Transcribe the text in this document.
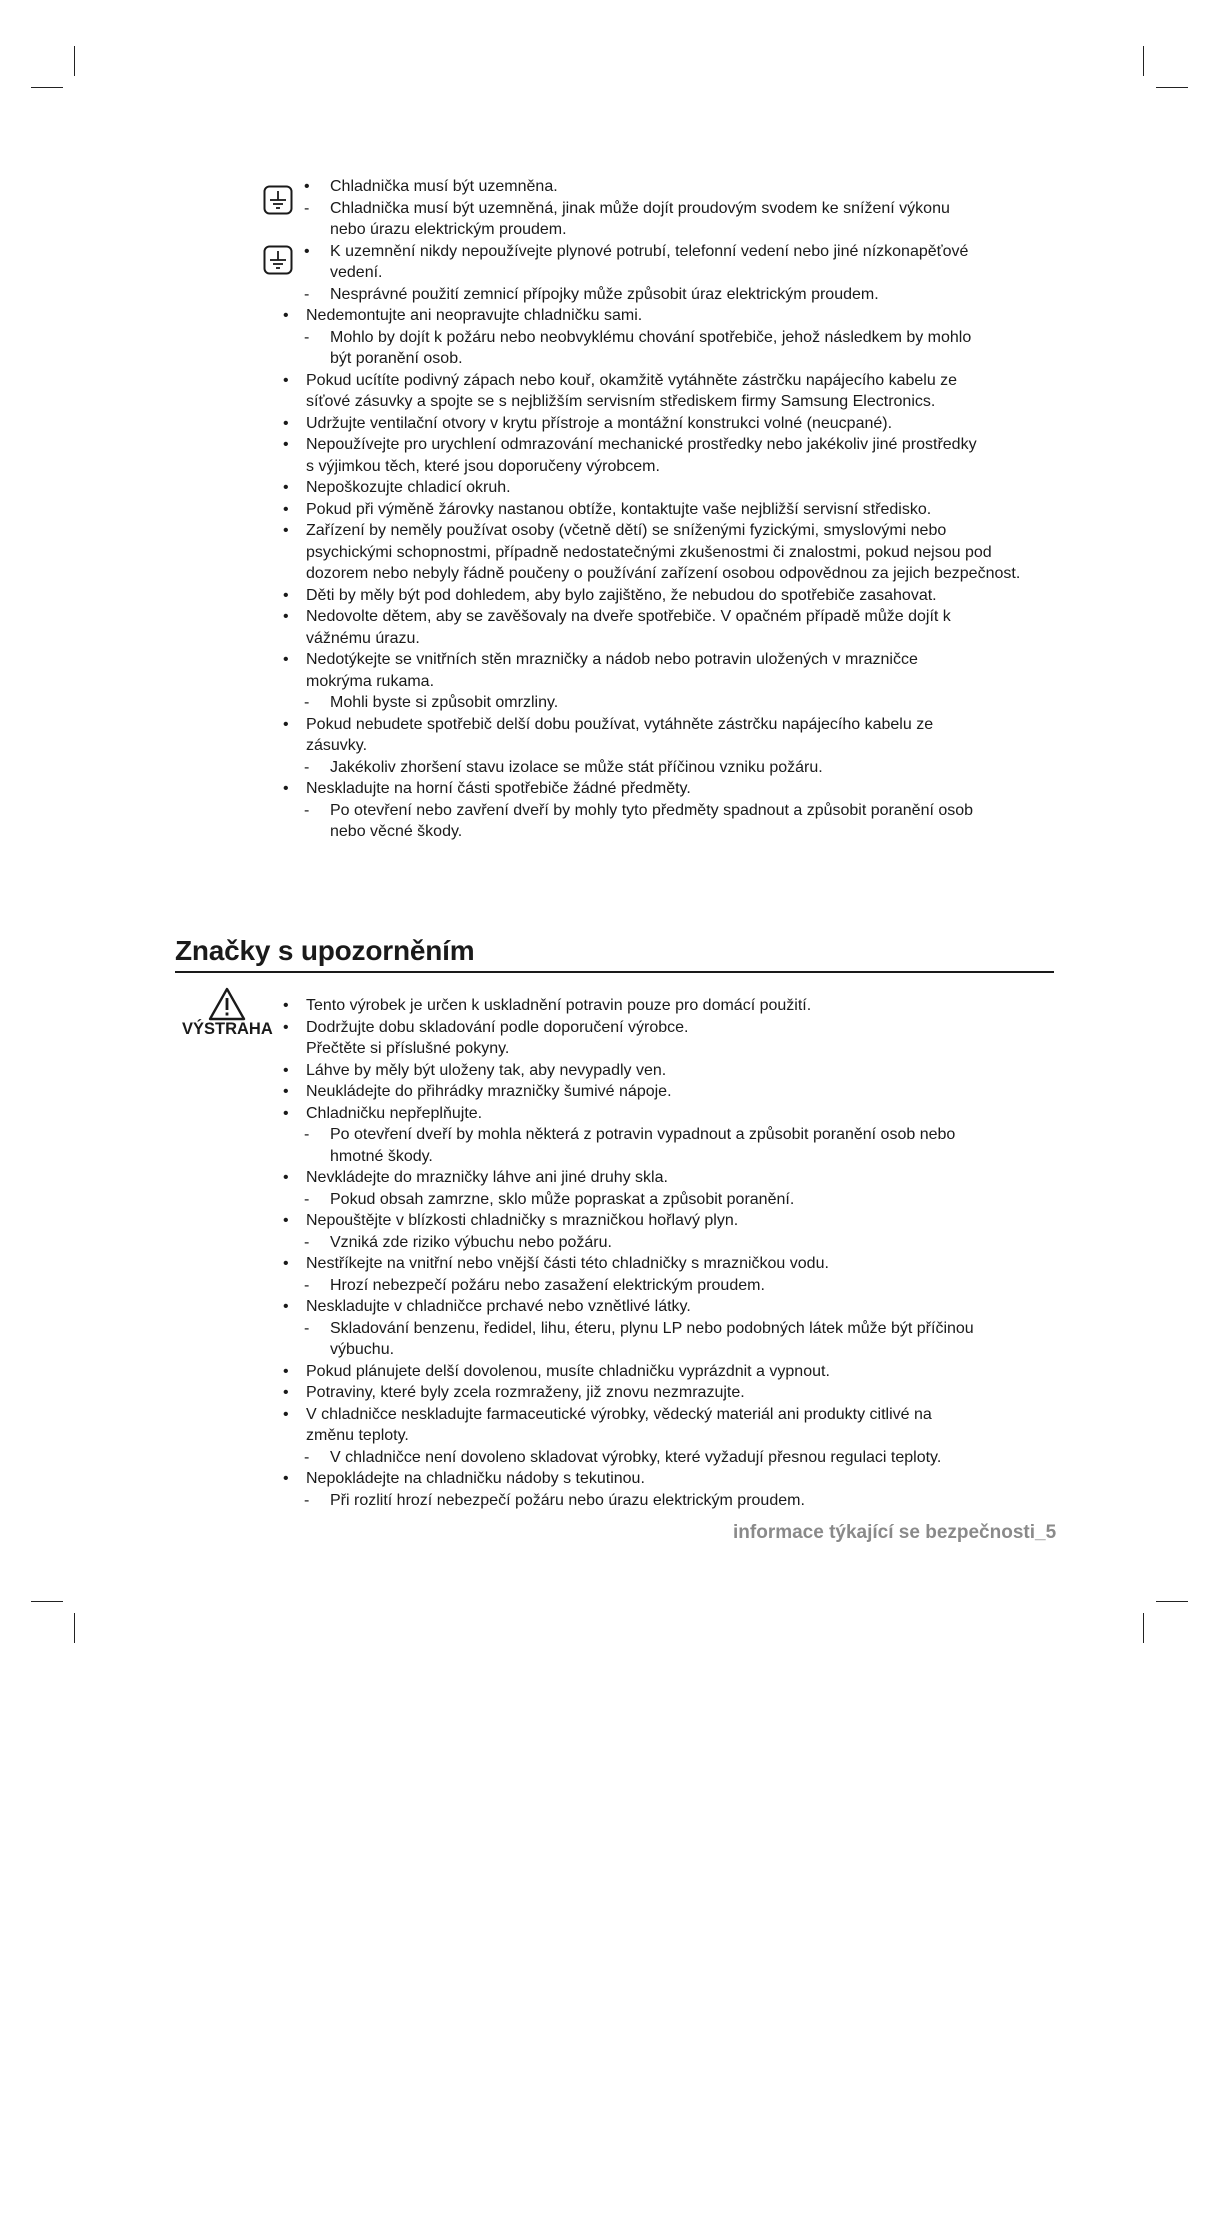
• Chladnička musí být uzemněna.
- Chladnička musí být uzemněná, jinak může dojít proudovým svodem ke snížení výkonu
nebo úrazu elektrickým proudem.
• K uzemnění nikdy nepoužívejte plynové potrubí, telefonní vedení nebo jiné nízkonapěťové
vedení.
- Nesprávné použití zemnicí přípojky může způsobit úraz elektrickým proudem.
• Nedemontujte ani neopravujte chladničku sami.
- Mohlo by dojít k požáru nebo neobvyklému chování spotřebiče, jehož následkem by mohlo
být poranění osob.
• Pokud ucítíte podivný zápach nebo kouř, okamžitě vytáhněte zástrčku napájecího kabelu ze
síťové zásuvky a spojte se s nejbližším servisním střediskem firmy Samsung Electronics.
• Udržujte ventilační otvory v krytu přístroje a montážní konstrukci volné (neucpané).
• Nepoužívejte pro urychlení odmrazování mechanické prostředky nebo jakékoliv jiné prostředky
s výjimkou těch, které jsou doporučeny výrobcem.
• Nepoškozujte chladicí okruh.
• Pokud při výměně žárovky nastanou obtíže, kontaktujte vaše nejbližší servisní středisko.
• Zařízení by neměly používat osoby (včetně dětí) se sníženými fyzickými, smyslovými nebo
psychickými schopnostmi, případně nedostatečnými zkušenostmi či znalostmi, pokud nejsou pod
dozorem nebo nebyly řádně poučeny o používání zařízení osobou odpovědnou za jejich bezpečnost.
• Děti by měly být pod dohledem, aby bylo zajištěno, že nebudou do spotřebiče zasahovat.
• Nedovolte dětem, aby se zavěšovaly na dveře spotřebiče. V opačném případě může dojít k
vážnému úrazu.
• Nedotýkejte se vnitřních stěn mrazničky a nádob nebo potravin uložených v mrazničce
mokrýma rukama.
- Mohli byste si způsobit omrzliny.
• Pokud nebudete spotřebič delší dobu používat, vytáhněte zástrčku napájecího kabelu ze
zásuvky.
- Jakékoliv zhoršení stavu izolace se může stát příčinou vzniku požáru.
• Neskladujte na horní části spotřebiče žádné předměty.
- Po otevření nebo zavření dveří by mohly tyto předměty spadnout a způsobit poranění osob
nebo věcné škody.
Značky s upozorněním
VÝSTRAHA
• Tento výrobek je určen k uskladnění potravin pouze pro domácí použití.
• Dodržujte dobu skladování podle doporučení výrobce.
Přečtěte si příslušné pokyny.
• Láhve by měly být uloženy tak, aby nevypadly ven.
• Neukládejte do přihrádky mrazničky šumivé nápoje.
• Chladničku nepřeplňujte.
- Po otevření dveří by mohla některá z potravin vypadnout a způsobit poranění osob nebo
hmotné škody.
• Nevkládejte do mrazničky láhve ani jiné druhy skla.
- Pokud obsah zamrzne, sklo může popraskat a způsobit poranění.
• Nepouštějte v blízkosti chladničky s mrazničkou hořlavý plyn.
- Vzniká zde riziko výbuchu nebo požáru.
• Nestříkejte na vnitřní nebo vnější části této chladničky s mrazničkou vodu.
- Hrozí nebezpečí požáru nebo zasažení elektrickým proudem.
• Neskladujte v chladničce prchavé nebo vznětlivé látky.
- Skladování benzenu, ředidel, lihu, éteru, plynu LP nebo podobných látek může být příčinou
výbuchu.
• Pokud plánujete delší dovolenou, musíte chladničku vyprázdnit a vypnout.
• Potraviny, které byly zcela rozmraženy, již znovu nezmrazujte.
• V chladničce neskladujte farmaceutické výrobky, vědecký materiál ani produkty citlivé na
změnu teploty.
- V chladničce není dovoleno skladovat výrobky, které vyžadují přesnou regulaci teploty.
• Nepokládejte na chladničku nádoby s tekutinou.
- Při rozlití hrozí nebezpečí požáru nebo úrazu elektrickým proudem.
informace týkající se bezpečnosti_5
